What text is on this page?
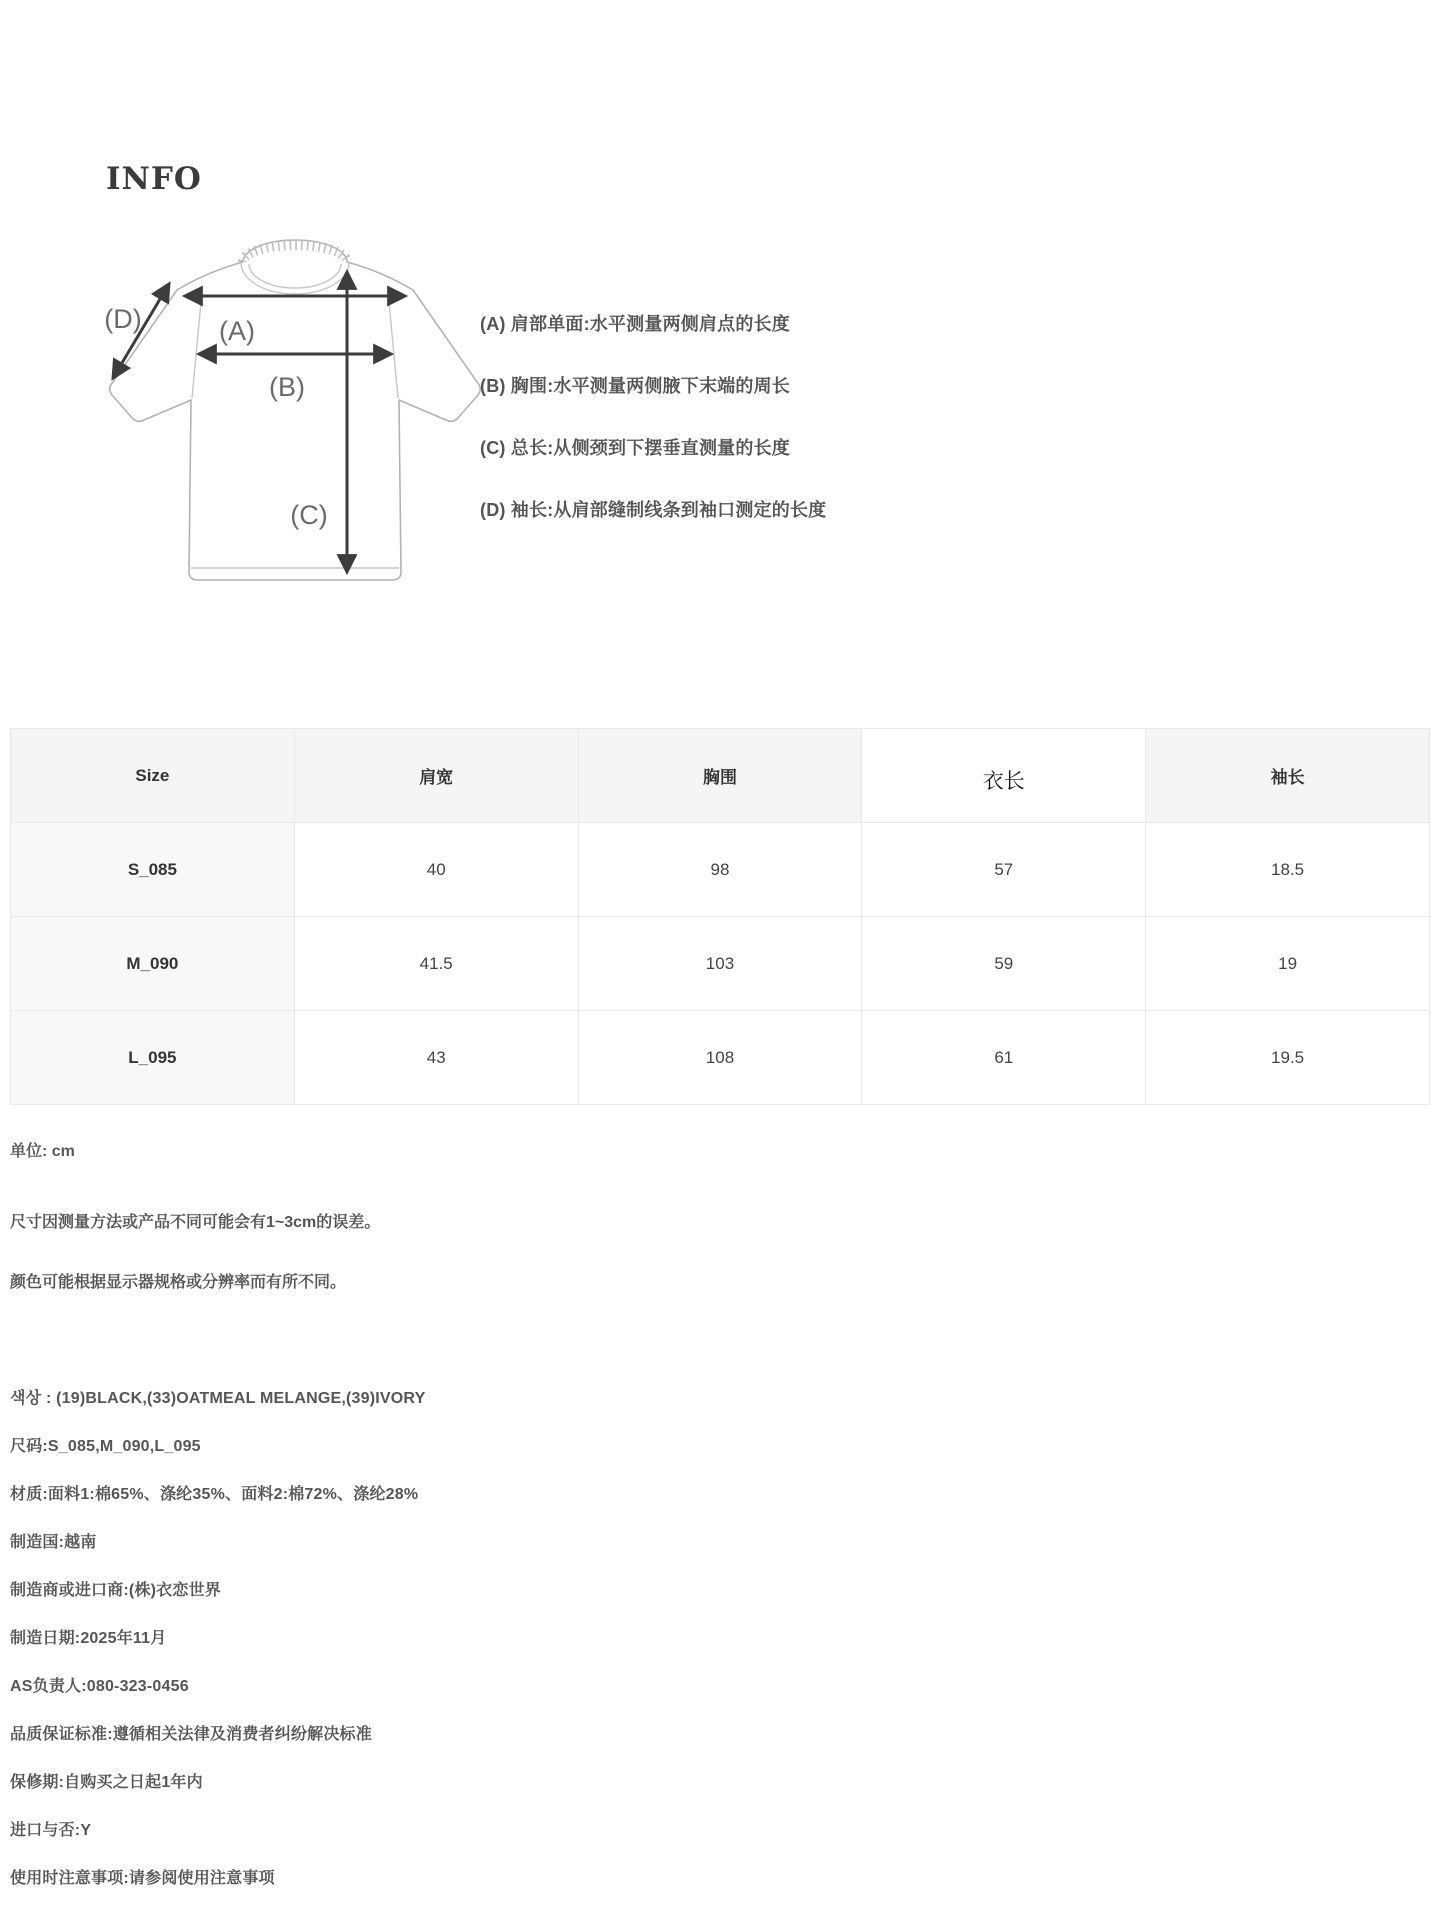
INFO
(A)
(B)
(C)
(D)	(A) 肩部单面:水平测量两侧肩点的长度

(B) 胸围:水平测量两侧腋下末端的周长

(C) 总长:从侧颈到下摆垂直测量的长度

(D) 袖长:从肩部缝制线条到袖口测定的长度

Size	肩宽	胸围	衣长	袖长
S_085	40	98	57	18.5
M_090	41.5	103	59	19
L_095	43	108	61	19.5
单位: cm

尺寸因测量方法或产品不同可能会有1~3cm的误差。

颜色可能根据显示器规格或分辨率而有所不同。

색상 : (19)BLACK,(33)OATMEAL MELANGE,(39)IVORY

尺码:S_085,M_090,L_095

材质:面料1:棉65%、涤纶35%、面料2:棉72%、涤纶28%

制造国:越南

制造商或进口商:(株)衣恋世界

制造日期:2025年11月

AS负责人:080-323-0456

品质保证标准:遵循相关法律及消费者纠纷解决标准

保修期:自购买之日起1年内

进口与否:Y

使用时注意事项:请参阅使用注意事项
